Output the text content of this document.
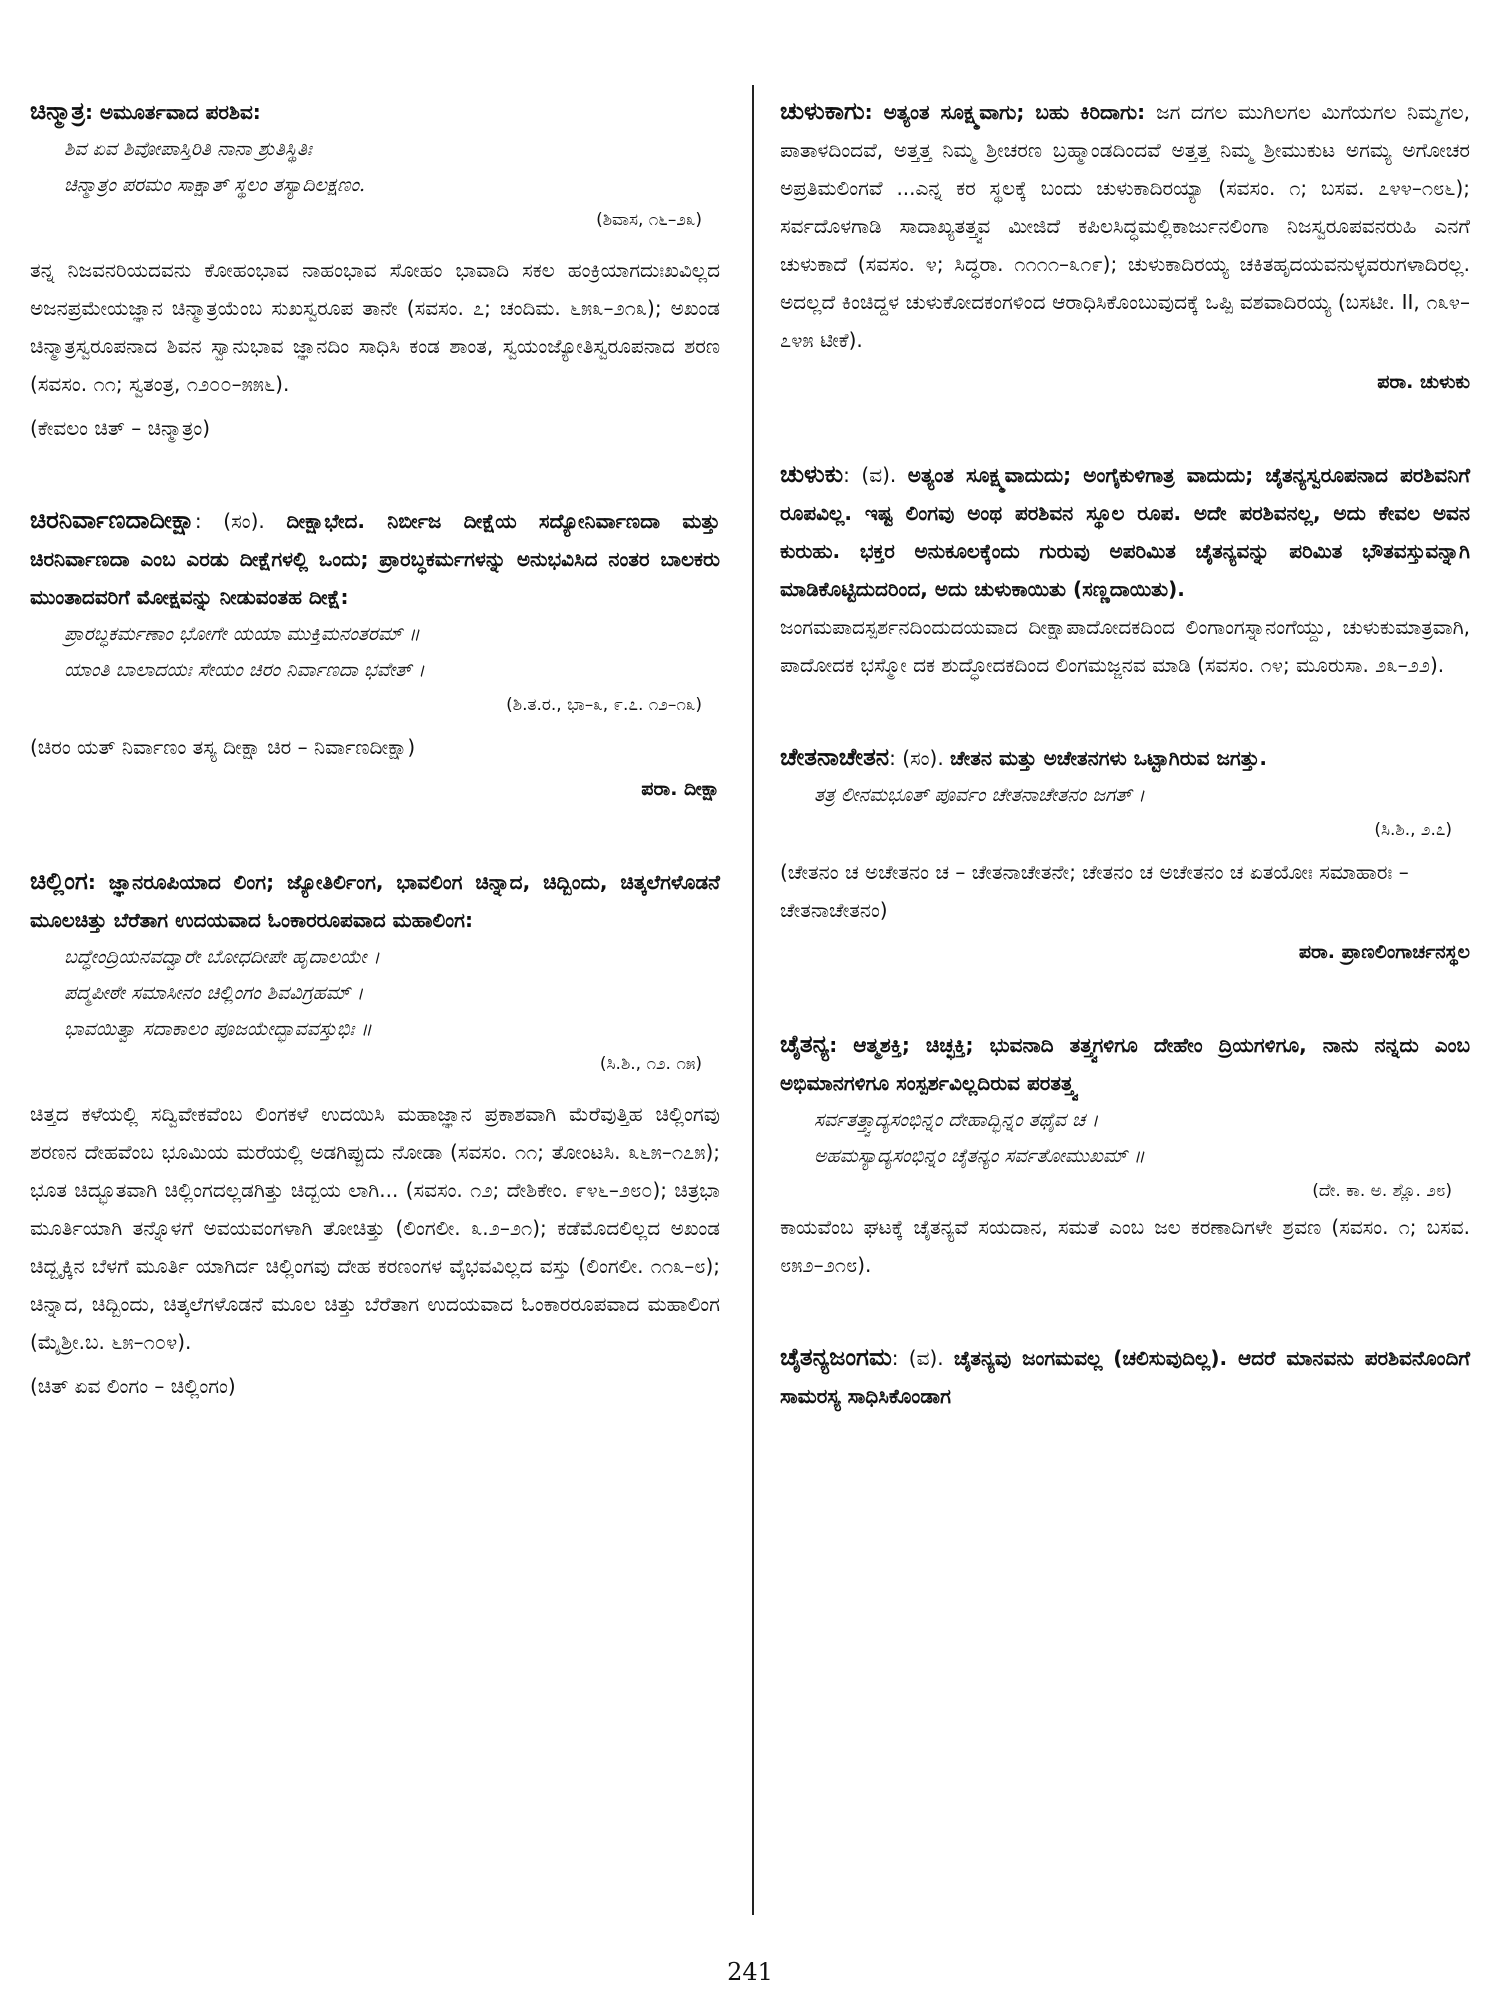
ಚಿನ್ಮಾತ್ರ: ಅಮೂರ್ತವಾದ ಪರಶಿವ:

ಶಿವ ಏವ ಶಿವೋಪಾಸ್ತಿರಿತಿ ನಾನಾ ಶ್ರುತಿಸ್ಥಿತಿಃ

ಚಿನ್ಮಾತ್ರಂ ಪರಮಂ ಸಾಕ್ಷಾತ್ ಸ್ಥಲಂ ತಸ್ಯಾದಿಲಕ್ಷಣಂ.

(ಶಿವಾಸ, ೧೬–೨೩)

ತನ್ನ ನಿಜವನರಿಯದವನು ಕೋಹಂಭಾವ ನಾಹಂಭಾವ ಸೋಹಂ ಭಾವಾದಿ ಸಕಲ ಹಂಕ್ರಿಯಾಗದುಃಖವಿಲ್ಲದ ಅಜನಪ್ರಮೇಯಜ್ಞಾನ ಚಿನ್ಮಾತ್ರಯೆಂಬ ಸುಖಸ್ವರೂಪ ತಾನೇ (ಸವಸಂ. ೭; ಚಂದಿಮ. ೬೫೩–೨೧೩); ಅಖಂಡ ಚಿನ್ಮಾತ್ರಸ್ವರೂಪನಾದ ಶಿವನ ಸ್ವಾನುಭಾವ ಜ್ಞಾನದಿಂ ಸಾಧಿಸಿ ಕಂಡ ಶಾಂತ, ಸ್ವಯಂಜ್ಯೋತಿಸ್ವರೂಪನಾದ ಶರಣ (ಸವಸಂ. ೧೧; ಸ್ವತಂತ್ರ, ೧೨೦೦–೫೫೬).

(ಕೇವಲಂ ಚಿತ್ – ಚಿನ್ಮಾತ್ರಂ)

ಚಿರನಿರ್ವಾಣದಾದೀಕ್ಷಾ: (ಸಂ). ದೀಕ್ಷಾಭೇದ. ನಿರ್ಬೀಜ ದೀಕ್ಷೆಯ ಸದ್ಯೋನಿರ್ವಾಣದಾ ಮತ್ತು ಚಿರನಿರ್ವಾಣದಾ ಎಂಬ ಎರಡು ದೀಕ್ಷೆಗಳಲ್ಲಿ ಒಂದು; ಪ್ರಾರಬ್ಧಕರ್ಮಗಳನ್ನು ಅನುಭವಿಸಿದ ನಂತರ ಬಾಲಕರು ಮುಂತಾದವರಿಗೆ ಮೋಕ್ಷವನ್ನು ನೀಡುವಂತಹ ದೀಕ್ಷೆ:

ಪ್ರಾರಬ್ಧಕರ್ಮಣಾಂ ಭೋಗೇ ಯಯಾ ಮುಕ್ತಿಮನಂತರಮ್ ॥

ಯಾಂತಿ ಬಾಲಾದಯಃ ಸೇಯಂ ಚಿರಂ ನಿರ್ವಾಣದಾ ಭವೇತ್ ।

(ಶಿ.ತ.ರ., ಭಾ–೩, ೯.೭. ೧೨–೧೩)

(ಚಿರಂ ಯತ್ ನಿರ್ವಾಣಂ ತಸ್ಯ ದೀಕ್ಷಾ ಚಿರ – ನಿರ್ವಾಣದೀಕ್ಷಾ)

ಪರಾ. ದೀಕ್ಷಾ

ಚಿಲ್ಲಿಂಗ: ಜ್ಞಾನರೂಪಿಯಾದ ಲಿಂಗ; ಜ್ಯೋತಿರ್ಲಿಂಗ, ಭಾವಲಿಂಗ ಚಿನ್ನಾದ, ಚಿದ್ಬಿಂದು, ಚಿತ್ಕಲೆಗಳೊಡನೆ ಮೂಲಚಿತ್ತು ಬೆರೆತಾಗ ಉದಯವಾದ ಓಂಕಾರರೂಪವಾದ ಮಹಾಲಿಂಗ:

ಬದ್ಧೇಂದ್ರಿಯನವದ್ವಾರೇ ಬೋಧದೀಪೇ ಹೃದಾಲಯೇ ।

ಪದ್ಮಪೀಠೇ ಸಮಾಸೀನಂ ಚಿಲ್ಲಿಂಗಂ ಶಿವವಿಗ್ರಹಮ್ ।

ಭಾವಯಿತ್ವಾ ಸದಾಕಾಲಂ ಪೂಜಯೇದ್ಭಾವವಸ್ತುಭಿಃ ॥

(ಸಿ.ಶಿ., ೧೨. ೧೫)

ಚಿತ್ತದ ಕಳೆಯಲ್ಲಿ ಸದ್ವಿವೇಕವೆಂಬ ಲಿಂಗಕಳೆ ಉದಯಿಸಿ ಮಹಾಜ್ಞಾನ ಪ್ರಕಾಶವಾಗಿ ಮೆರೆವುತ್ತಿಹ ಚಿಲ್ಲಿಂಗವು ಶರಣನ ದೇಹವೆಂಬ ಭೂಮಿಯ ಮರೆಯಲ್ಲಿ ಅಡಗಿಪ್ಪುದು ನೋಡಾ (ಸವಸಂ. ೧೧; ತೋಂಟಸಿ. ೩೬೫–೧೭೫); ಭೂತ ಚಿದ್ಭೂತವಾಗಿ ಚಿಲ್ಲಿಂಗದಲ್ಲಡಗಿತ್ತು ಚಿದ್ಬಯ ಲಾಗಿ... (ಸವಸಂ. ೧೨; ದೇಶಿಕೇಂ. ೯೪೬–೨೮೦); ಚಿತ್ರಭಾ ಮೂರ್ತಿಯಾಗಿ ತನ್ನೊಳಗೆ ಅವಯವಂಗಳಾಗಿ ತೋಚಿತ್ತು (ಲಿಂಗಲೀ. ೩.೨–೨೧); ಕಡೆಮೊದಲಿಲ್ಲದ ಅಖಂಡ ಚಿದ್ಬೃಕ್ಕಿನ ಬೆಳಗೆ ಮೂರ್ತಿ ಯಾಗಿರ್ದ ಚಿಲ್ಲಿಂಗವು ದೇಹ ಕರಣಂಗಳ ವೈಭವವಿಲ್ಲದ ವಸ್ತು (ಲಿಂಗಲೀ. ೧೧೩–೮); ಚಿನ್ನಾದ, ಚಿದ್ಬಿಂದು, ಚಿತ್ಕಲೆಗಳೊಡನೆ ಮೂಲ ಚಿತ್ತು ಬೆರೆತಾಗ ಉದಯವಾದ ಓಂಕಾರರೂಪವಾದ ಮಹಾಲಿಂಗ (ಮೈಶ್ರೀ.ಬ. ೬೫–೧೦೪).

(ಚಿತ್ ಏವ ಲಿಂಗಂ – ಚಿಲ್ಲಿಂಗಂ)

ಚುಳುಕಾಗು: ಅತ್ಯಂತ ಸೂಕ್ಷ್ಮವಾಗು; ಬಹು ಕಿರಿದಾಗು: ಜಗ ದಗಲ ಮುಗಿಲಗಲ ಮಿಗೆಯಗಲ ನಿಮ್ಮಗಲ, ಪಾತಾಳದಿಂದವೆ, ಅತ್ತತ್ತ ನಿಮ್ಮ ಶ್ರೀಚರಣ ಬ್ರಹ್ಮಾಂಡದಿಂದವೆ ಅತ್ತತ್ತ ನಿಮ್ಮ ಶ್ರೀಮುಕುಟ ಅಗಮ್ಯ ಅಗೋಚರ ಅಪ್ರತಿಮಲಿಂಗವೆ ...ಎನ್ನ ಕರ ಸ್ಥಲಕ್ಕೆ ಬಂದು ಚುಳುಕಾದಿರಯ್ಯಾ (ಸವಸಂ. ೧; ಬಸವ. ೭೪೪–೧೮೬); ಸರ್ವದೊಳಗಾಡಿ ಸಾದಾಖ್ಯತತ್ತ್ವವ ಮೀಜಿದೆ ಕಪಿಲಸಿದ್ಧಮಲ್ಲಿಕಾರ್ಜುನಲಿಂಗಾ ನಿಜಸ್ವರೂಪವನರುಹಿ ಎನಗೆ ಚುಳುಕಾದೆ (ಸವಸಂ. ೪; ಸಿದ್ಧರಾ. ೧೧೧೧–೩೧೯); ಚುಳುಕಾದಿರಯ್ಯ ಚಕಿತಹೃದಯವನುಳ್ಳವರುಗಳಾದಿರಲ್ಲ. ಅದಲ್ಲದೆ ಕಿಂಚಿದ್ದಳ ಚುಳುಕೋದಕಂಗಳಿಂದ ಆರಾಧಿಸಿಕೊಂಬುವುದಕ್ಕೆ ಒಪ್ಪಿ ವಶವಾದಿರಯ್ಯ (ಬಸಟೀ. II, ೧೩೪–೭೪೫ ಟೀಕೆ).

ಪರಾ. ಚುಳುಕು

ಚುಳುಕು: (ವ). ಅತ್ಯಂತ ಸೂಕ್ಷ್ಮವಾದುದು; ಅಂಗೈಕುಳಿಗಾತ್ರ ವಾದುದು; ಚೈತನ್ಯಸ್ವರೂಪನಾದ ಪರಶಿವನಿಗೆ ರೂಪವಿಲ್ಲ. ಇಷ್ಟ ಲಿಂಗವು ಅಂಥ ಪರಶಿವನ ಸ್ಥೂಲ ರೂಪ. ಅದೇ ಪರಶಿವನಲ್ಲ, ಅದು ಕೇವಲ ಅವನ ಕುರುಹು. ಭಕ್ತರ ಅನುಕೂಲಕ್ಕೆಂದು ಗುರುವು ಅಪರಿಮಿತ ಚೈತನ್ಯವನ್ನು ಪರಿಮಿತ ಭೌತವಸ್ತುವನ್ನಾಗಿ ಮಾಡಿಕೊಟ್ಟಿದುದರಿಂದ, ಅದು ಚುಳುಕಾಯಿತು (ಸಣ್ಣದಾಯಿತು).

ಜಂಗಮಪಾದಸ್ಪರ್ಶನದಿಂದುದಯವಾದ ದೀಕ್ಷಾಪಾದೋದಕದಿಂದ ಲಿಂಗಾಂಗಸ್ನಾನಂಗೆಯ್ದು, ಚುಳುಕುಮಾತ್ರವಾಗಿ, ಪಾದೋದಕ ಭಸ್ಮೋ ದಕ ಶುದ್ಧೋದಕದಿಂದ ಲಿಂಗಮಜ್ಜನವ ಮಾಡಿ (ಸವಸಂ. ೧೪; ಮೂರುಸಾ. ೨೩–೨೨).

ಚೇತನಾಚೇತನ: (ಸಂ). ಚೇತನ ಮತ್ತು ಅಚೇತನಗಳು ಒಟ್ಟಾಗಿರುವ ಜಗತ್ತು.

ತತ್ರ ಲೀನಮಭೂತ್ ಪೂರ್ವಂ ಚೇತನಾಚೇತನಂ ಜಗತ್ ।

(ಸಿ.ಶಿ., ೨.೭)

(ಚೇತನಂ ಚ ಅಚೇತನಂ ಚ – ಚೇತನಾಚೇತನೇ; ಚೇತನಂ ಚ ಅಚೇತನಂ ಚ ಏತಯೋಃ ಸಮಾಹಾರಃ – ಚೇತನಾಚೇತನಂ)

ಪರಾ. ಪ್ರಾಣಲಿಂಗಾರ್ಚನಸ್ಥಲ

ಚೈತನ್ಯ: ಆತ್ಮಶಕ್ತಿ; ಚಿಚ್ಛಕ್ತಿ; ಭುವನಾದಿ ತತ್ತ್ವಗಳಿಗೂ ದೇಹೇಂ ದ್ರಿಯಗಳಿಗೂ, ನಾನು ನನ್ನದು ಎಂಬ ಅಭಿಮಾನಗಳಿಗೂ ಸಂಸ್ಪರ್ಶವಿಲ್ಲದಿರುವ ಪರತತ್ತ್ವ

ಸರ್ವತತ್ತ್ವಾದ್ಯಸಂಭಿನ್ನಂ ದೇಹಾದ್ಭಿನ್ನಂ ತಥೈವ ಚ ।

ಅಹಮಸ್ಯಾದ್ಯಸಂಭಿನ್ನಂ ಚೈತನ್ಯಂ ಸರ್ವತೋಮುಖಮ್ ॥

(ದೇ. ಕಾ. ಅ. ಶ್ಲೊ. ೨೮)

ಕಾಯವೆಂಬ ಘಟಕ್ಕೆ ಚೈತನ್ಯವೆ ಸಯದಾನ, ಸಮತೆ ಎಂಬ ಜಲ ಕರಣಾದಿಗಳೇ ಶ್ರವಣ (ಸವಸಂ. ೧; ಬಸವ. ೮೫೨–೨೧೮).

ಚೈತನ್ಯಜಂಗಮ: (ವ). ಚೈತನ್ಯವು ಜಂಗಮವಲ್ಲ (ಚಲಿಸುವುದಿಲ್ಲ). ಆದರೆ ಮಾನವನು ಪರಶಿವನೊಂದಿಗೆ ಸಾಮರಸ್ಯ ಸಾಧಿಸಿಕೊಂಡಾಗ

241
